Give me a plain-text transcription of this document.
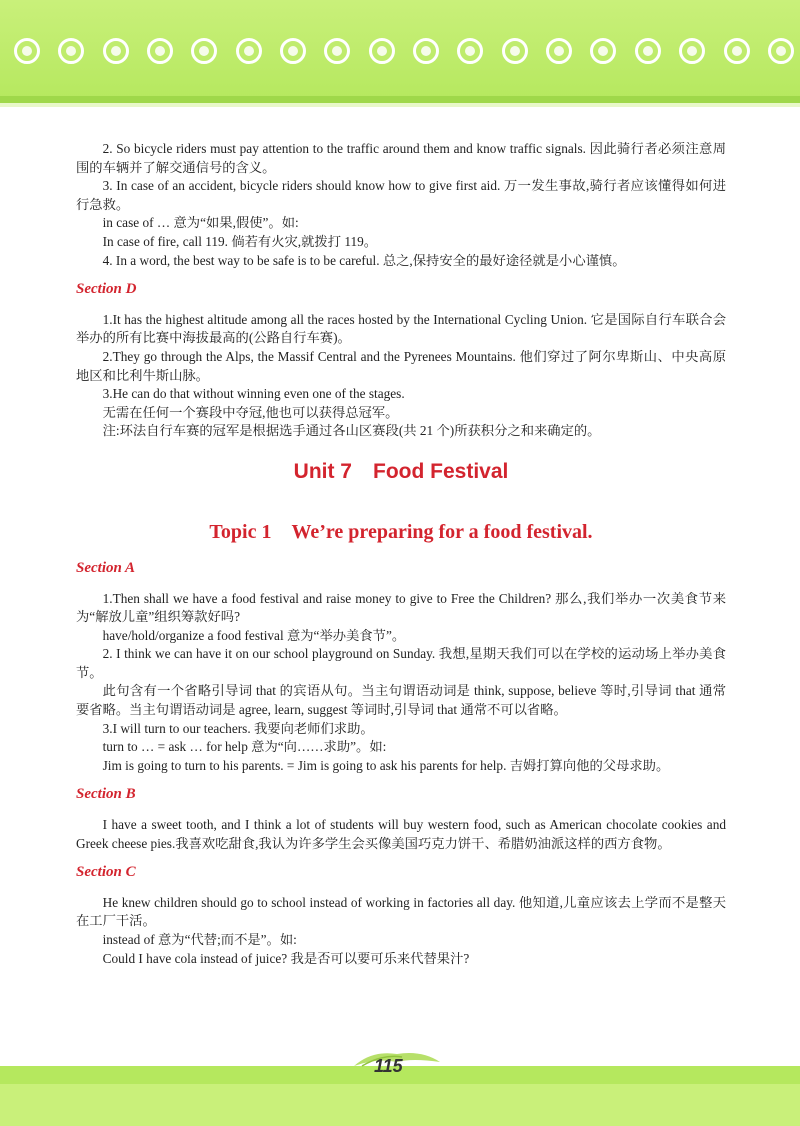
2. So bicycle riders must pay attention to the traffic around them and know traffic signals. 因此骑行者必须注意周围的车辆并了解交通信号的含义。

3. In case of an accident, bicycle riders should know how to give first aid. 万一发生事故,骑行者应该懂得如何进行急救。

in case of … 意为“如果,假使”。如:

In case of fire, call 119. 倘若有火灾,就拨打 119。

4. In a word, the best way to be safe is to be careful. 总之,保持安全的最好途径就是小心谨慎。

Section D

1.It has the highest altitude among all the races hosted by the International Cycling Union. 它是国际自行车联合会举办的所有比赛中海拔最高的(公路自行车赛)。

2.They go through the Alps, the Massif Central and the Pyrenees Mountains. 他们穿过了阿尔卑斯山、中央高原地区和比利牛斯山脉。

3.He can do that without winning even one of the stages.

无需在任何一个赛段中夺冠,他也可以获得总冠军。

注:环法自行车赛的冠军是根据选手通过各山区赛段(共 21 个)所获积分之和来确定的。

Unit 7　Food Festival
Topic 1　We’re preparing for a food festival.
Section A

1.Then shall we have a food festival and raise money to give to Free the Children? 那么,我们举办一次美食节来为“解放儿童”组织筹款好吗?

have/hold/organize a food festival 意为“举办美食节”。

2. I think we can have it on our school playground on Sunday. 我想,星期天我们可以在学校的运动场上举办美食节。

此句含有一个省略引导词 that 的宾语从句。当主句谓语动词是 think, suppose, believe 等时,引导词 that 通常要省略。当主句谓语动词是 agree, learn, suggest 等词时,引导词 that 通常不可以省略。

3.I will turn to our teachers. 我要向老师们求助。

turn to … = ask … for help 意为“向……求助”。如:

Jim is going to turn to his parents. = Jim is going to ask his parents for help. 吉姆打算向他的父母求助。

Section B

I have a sweet tooth, and I think a lot of students will buy western food, such as American chocolate cookies and Greek cheese pies.我喜欢吃甜食,我认为许多学生会买像美国巧克力饼干、希腊奶油派这样的西方食物。

Section C

He knew children should go to school instead of working in factories all day. 他知道,儿童应该去上学而不是整天在工厂干活。

instead of 意为“代替;而不是”。如:

Could I have cola instead of juice? 我是否可以要可乐来代替果汁?

115
